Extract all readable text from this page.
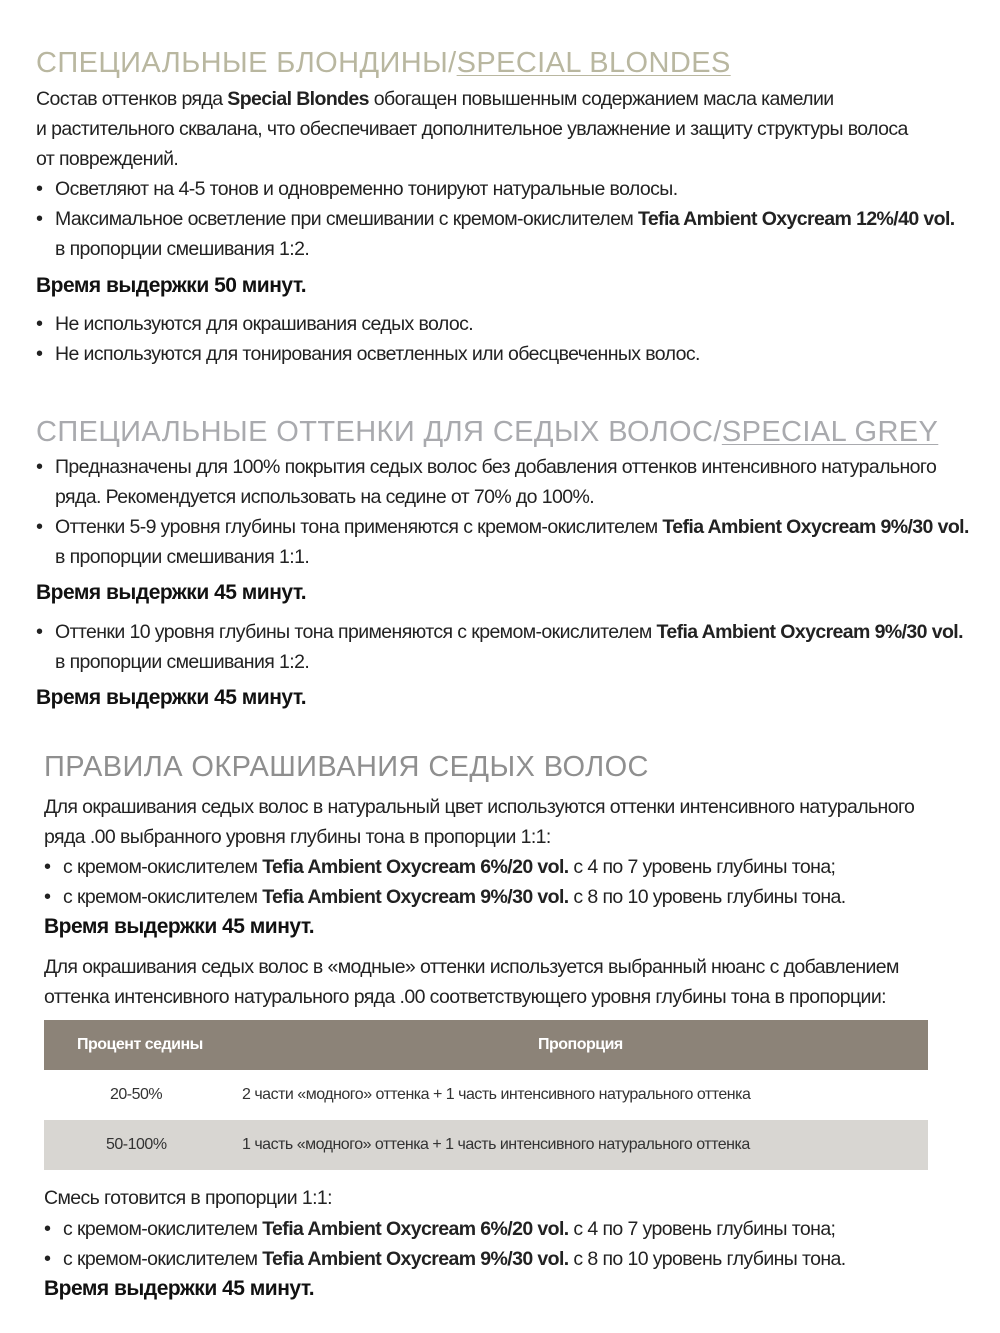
СПЕЦИАЛЬНЫЕ БЛОНДИНЫ/SPECIAL BLONDES
Состав оттенков ряда Special Blondes обогащен повышенным содержанием масла камелии
и растительного сквалана, что обеспечивает дополнительное увлажнение и защиту структуры волоса
от повреждений.
• Осветляют на 4-5 тонов и одновременно тонируют натуральные волосы.
• Максимальное осветление при смешивании с кремом-окислителем Tefia Ambient Oxycream 12%/40 vol.
в пропорции смешивания 1:2.
Время выдержки 50 минут.
• Не используются для окрашивания седых волос.
• Не используются для тонирования осветленных или обесцвеченных волос.
СПЕЦИАЛЬНЫЕ ОТТЕНКИ ДЛЯ СЕДЫХ ВОЛОС/SPECIAL GREY
• Предназначены для 100% покрытия седых волос без добавления оттенков интенсивного натурального
ряда. Рекомендуется использовать на седине от 70% до 100%.
• Оттенки 5-9 уровня глубины тона применяются с кремом-окислителем Tefia Ambient Oxycream 9%/30 vol.
в пропорции смешивания 1:1.
Время выдержки 45 минут.
• Оттенки 10 уровня глубины тона применяются с кремом-окислителем Tefia Ambient Oxycream 9%/30 vol.
в пропорции смешивания 1:2.
Время выдержки 45 минут.
ПРАВИЛА ОКРАШИВАНИЯ СЕДЫХ ВОЛОС
Для окрашивания седых волос в натуральный цвет используются оттенки интенсивного натурального
ряда .00 выбранного уровня глубины тона в пропорции 1:1:
• с кремом-окислителем Tefia Ambient Oxycream 6%/20 vol. с 4 по 7 уровень глубины тона;
• с кремом-окислителем Tefia Ambient Oxycream 9%/30 vol. с 8 по 10 уровень глубины тона.
Время выдержки 45 минут.
Для окрашивания седых волос в «модные» оттенки используется выбранный нюанс с добавлением
оттенка интенсивного натурального ряда .00 соответствующего уровня глубины тона в пропорции:
Процент седины	Пропорция
20-50%	2 части «модного» оттенка + 1 часть интенсивного натурального оттенка
50-100%	1 часть «модного» оттенка + 1 часть интенсивного натурального оттенка
Смесь готовится в пропорции 1:1:
• с кремом-окислителем Tefia Ambient Oxycream 6%/20 vol. с 4 по 7 уровень глубины тона;
• с кремом-окислителем Tefia Ambient Oxycream 9%/30 vol. с 8 по 10 уровень глубины тона.
Время выдержки 45 минут.
